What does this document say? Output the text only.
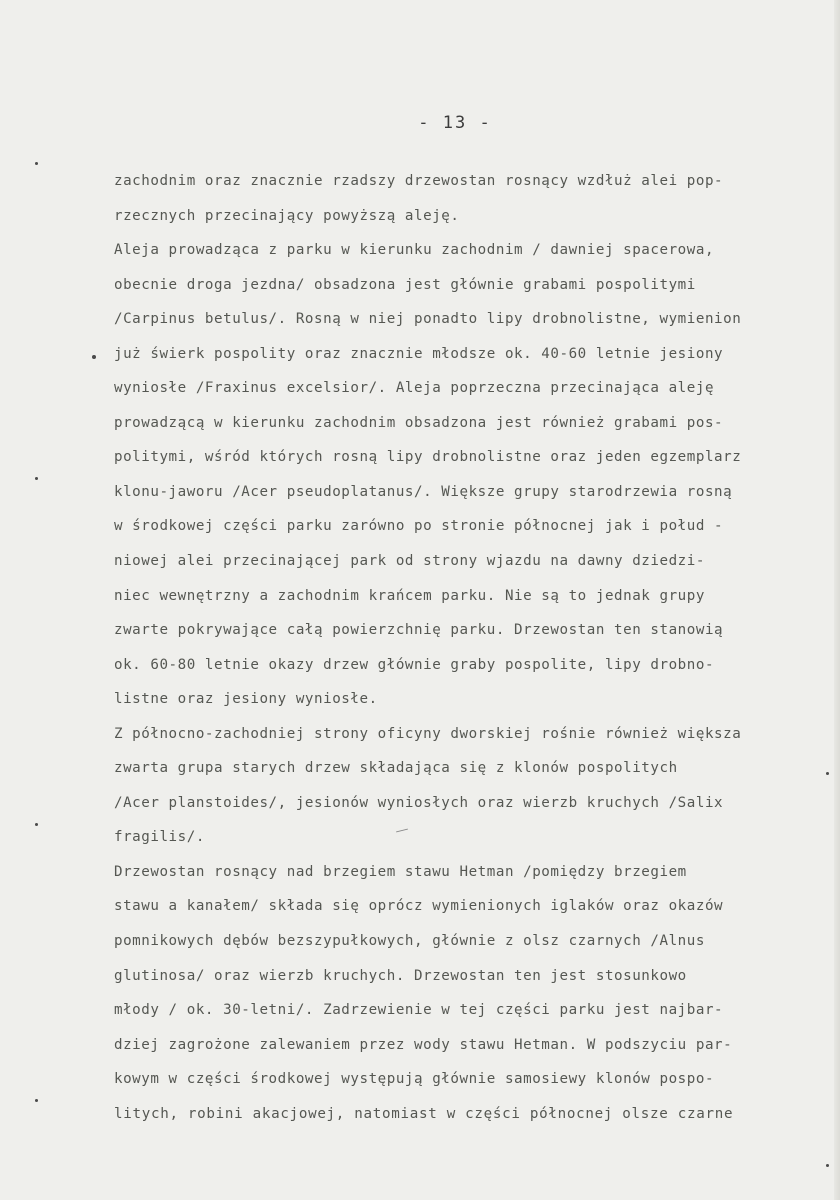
- 13 -
zachodnim oraz znacznie rzadszy drzewostan rosnący wzdłuż alei pop-
rzecznych przecinający powyższą aleję.
Aleja prowadząca z parku w kierunku zachodnim / dawniej spacerowa,
obecnie droga jezdna/ obsadzona jest głównie grabami pospolitymi
/Carpinus betulus/. Rosną w niej ponadto lipy drobnolistne, wymienion
już świerk pospolity oraz znacznie młodsze ok. 40-60 letnie jesiony
wyniosłe /Fraxinus excelsior/. Aleja poprzeczna przecinająca aleję
prowadzącą w kierunku zachodnim obsadzona jest również grabami pos-
politymi, wśród których rosną lipy drobnolistne oraz jeden egzemplarz
klonu-jaworu /Acer pseudoplatanus/. Większe grupy starodrzewia rosną
w środkowej części parku zarówno po stronie północnej jak i połud -
niowej alei przecinającej park od strony wjazdu na dawny dziedzi-
niec wewnętrzny a zachodnim krańcem parku. Nie są to jednak grupy
zwarte pokrywające całą powierzchnię parku. Drzewostan ten stanowią
ok. 60-80 letnie okazy drzew głównie graby pospolite, lipy drobno-
listne oraz jesiony wyniosłe.
Z północno-zachodniej strony oficyny dworskiej rośnie również większa
zwarta grupa starych drzew składająca się z klonów pospolitych
/Acer planstoides/, jesionów wyniosłych oraz wierzb kruchych /Salix
fragilis/.
Drzewostan rosnący nad brzegiem stawu Hetman /pomiędzy brzegiem
stawu a kanałem/ składa się oprócz wymienionych iglaków oraz okazów
pomnikowych dębów bezszypułkowych, głównie z olsz czarnych /Alnus
glutinosa/ oraz wierzb kruchych. Drzewostan ten jest stosunkowo
młody / ok. 30-letni/. Zadrzewienie w tej części parku jest najbar-
dziej zagrożone zalewaniem przez wody stawu Hetman. W podszyciu par-
kowym w części środkowej występują głównie samosiewy klonów pospo-
litych, robini akacjowej, natomiast w części północnej olsze czarne
